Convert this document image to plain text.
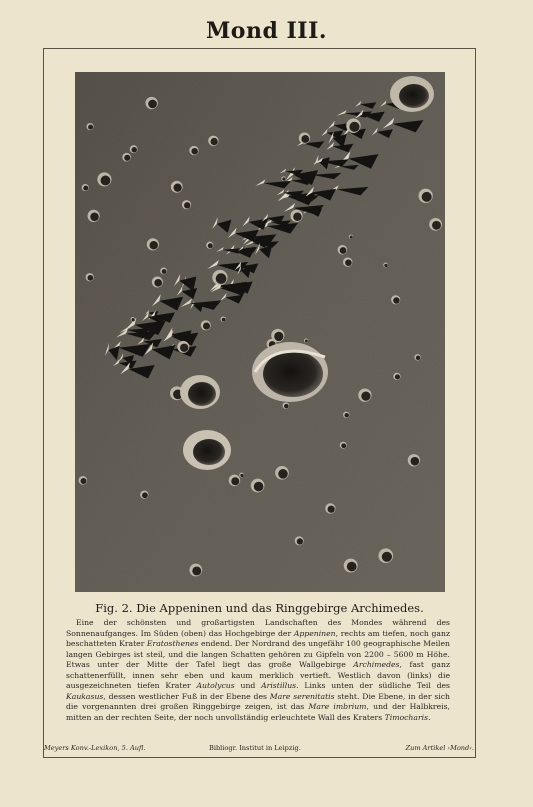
Mond III.
Fig. 2. Die Appeninen und das Ringgebirge Archimedes.

Eine der schönsten und großartigsten Landschaften des Mondes während des Sonnenaufganges. Im Süden (oben) das Hochgebirge der Appeninen, rechts am tiefen, noch ganz beschatteten Krater Eratosthenes endend. Der Nordrand des ungefähr 100 geographische Meilen langen Gebirges ist steil, und die langen Schatten gehören zu Gipfeln von 2200 – 5600 m Höhe. Etwas unter der Mitte der Tafel liegt das große Wallgebirge Archimedes, fast ganz schattenerfüllt, innen sehr eben und kaum merklich vertieft. Westlich davon (links) die ausgezeichneten tiefen Krater Autolycus und Aristillus. Links unten der südliche Teil des Kaukasus, dessen westlicher Fuß in der Ebene des Mare serenitatis steht. Die Ebene, in der sich die vorgenannten drei großen Ringgebirge zeigen, ist das Mare imbrium, und der Halbkreis, mitten an der rechten Seite, der noch unvollständig erleuchtete Wall des Kraters Timocharis.

Meyers Konv.-Lexikon, 5. Aufl.	Bibliogr. Institut in Leipzig.	Zum Artikel ›Mond‹.
